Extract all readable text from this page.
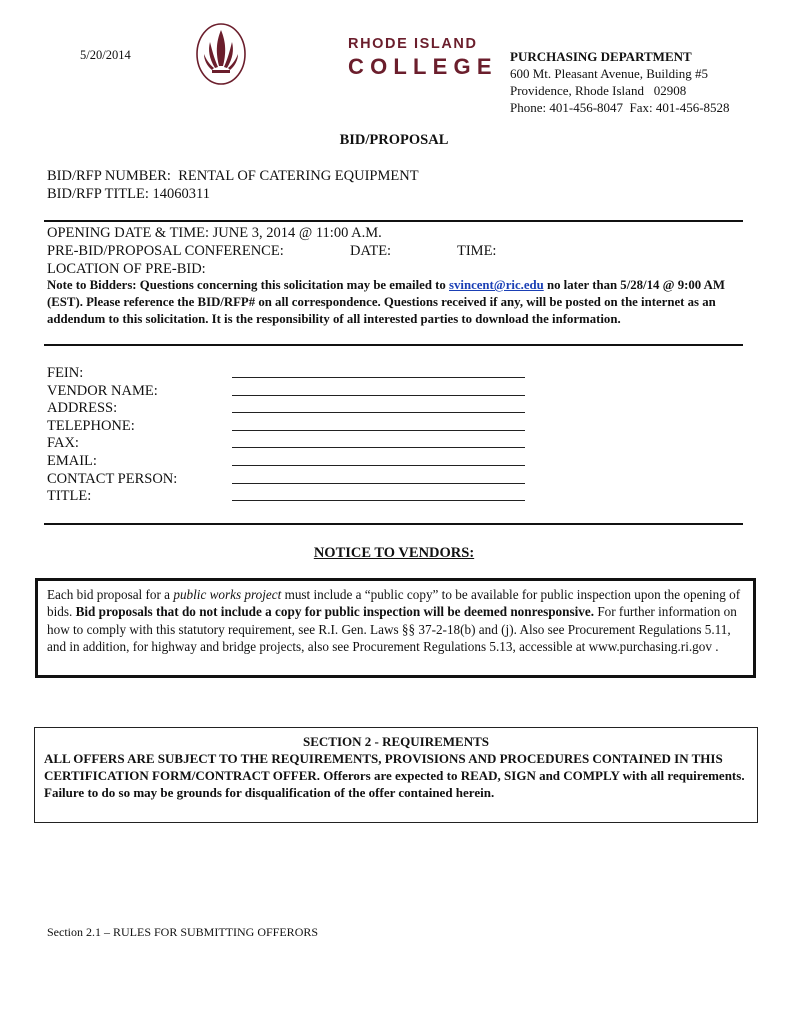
5/20/2014
RHODE ISLAND
COLLEGE PURCHASING DEPARTMENT
600 Mt. Pleasant Avenue, Building #5
Providence, Rhode Island   02908
Phone: 401-456-8047  Fax: 401-456-8528
BID/PROPOSAL
BID/RFP NUMBER:  RENTAL OF CATERING EQUIPMENT
BID/RFP TITLE: 14060311
OPENING DATE & TIME: JUNE 3, 2014 @ 11:00 A.M.
PRE-BID/PROPOSAL CONFERENCE:	DATE:	TIME:
LOCATION OF PRE-BID:
Note to Bidders: Questions concerning this solicitation may be emailed to svincent@ric.edu no later than 5/28/14 @ 9:00 AM (EST). Please reference the BID/RFP# on all correspondence. Questions received if any, will be posted on the internet as an addendum to this solicitation. It is the responsibility of all interested parties to download the information.
FEIN:
VENDOR NAME:
ADDRESS:
TELEPHONE:
FAX:
EMAIL:
CONTACT PERSON:
TITLE:
NOTICE TO VENDORS:
Each bid proposal for a public works project must include a “public copy” to be available for public inspection upon the opening of bids. Bid proposals that do not include a copy for public inspection will be deemed nonresponsive. For further information on how to comply with this statutory requirement, see R.I. Gen. Laws §§ 37-2-18(b) and (j). Also see Procurement Regulations 5.11, and in addition, for highway and bridge projects, also see Procurement Regulations 5.13, accessible at www.purchasing.ri.gov .
SECTION 2 - REQUIREMENTS
ALL OFFERS ARE SUBJECT TO THE REQUIREMENTS, PROVISIONS AND PROCEDURES CONTAINED IN THIS CERTIFICATION FORM/CONTRACT OFFER. Offerors are expected to READ, SIGN and COMPLY with all requirements. Failure to do so may be grounds for disqualification of the offer contained herein.
Section 2.1 – RULES FOR SUBMITTING OFFERORS
